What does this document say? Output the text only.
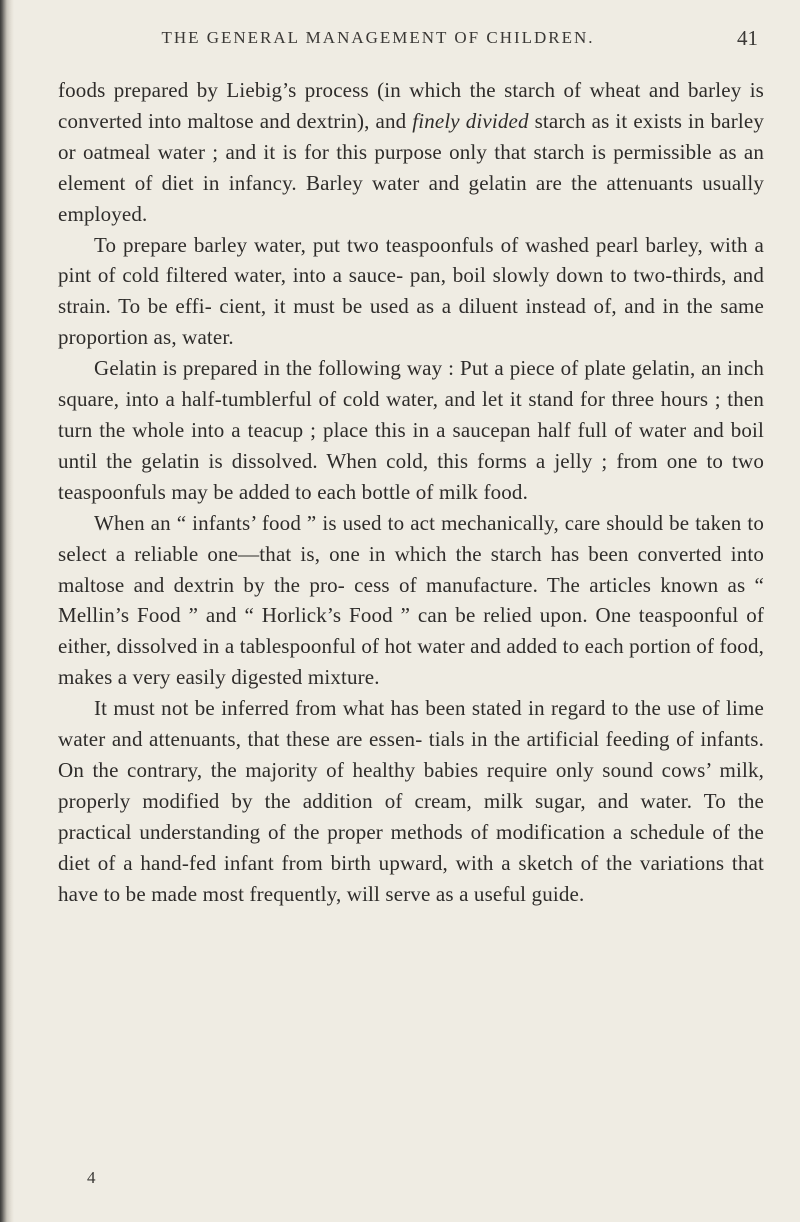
THE GENERAL MANAGEMENT OF CHILDREN.	41

foods prepared by Liebig’s process (in which the starch of wheat and barley is converted into maltose and dextrin), and finely divided starch as it exists in barley or oatmeal water ; and it is for this purpose only that starch is permissible as an element of diet in infancy. Barley water and gelatin are the attenuants usually employed.

To prepare barley water, put two teaspoonfuls of washed pearl barley, with a pint of cold filtered water, into a sauce- pan, boil slowly down to two-thirds, and strain. To be effi- cient, it must be used as a diluent instead of, and in the same proportion as, water.

Gelatin is prepared in the following way : Put a piece of plate gelatin, an inch square, into a half-tumblerful of cold water, and let it stand for three hours ; then turn the whole into a teacup ; place this in a saucepan half full of water and boil until the gelatin is dissolved. When cold, this forms a jelly ; from one to two teaspoonfuls may be added to each bottle of milk food.

When an “ infants’ food ” is used to act mechanically, care should be taken to select a reliable one—that is, one in which the starch has been converted into maltose and dextrin by the pro- cess of manufacture. The articles known as “ Mellin’s Food ” and “ Horlick’s Food ” can be relied upon. One teaspoonful of either, dissolved in a tablespoonful of hot water and added to each portion of food, makes a very easily digested mixture.

It must not be inferred from what has been stated in regard to the use of lime water and attenuants, that these are essen- tials in the artificial feeding of infants. On the contrary, the majority of healthy babies require only sound cows’ milk, properly modified by the addition of cream, milk sugar, and water. To the practical understanding of the proper methods of modification a schedule of the diet of a hand-fed infant from birth upward, with a sketch of the variations that have to be made most frequently, will serve as a useful guide.

4
